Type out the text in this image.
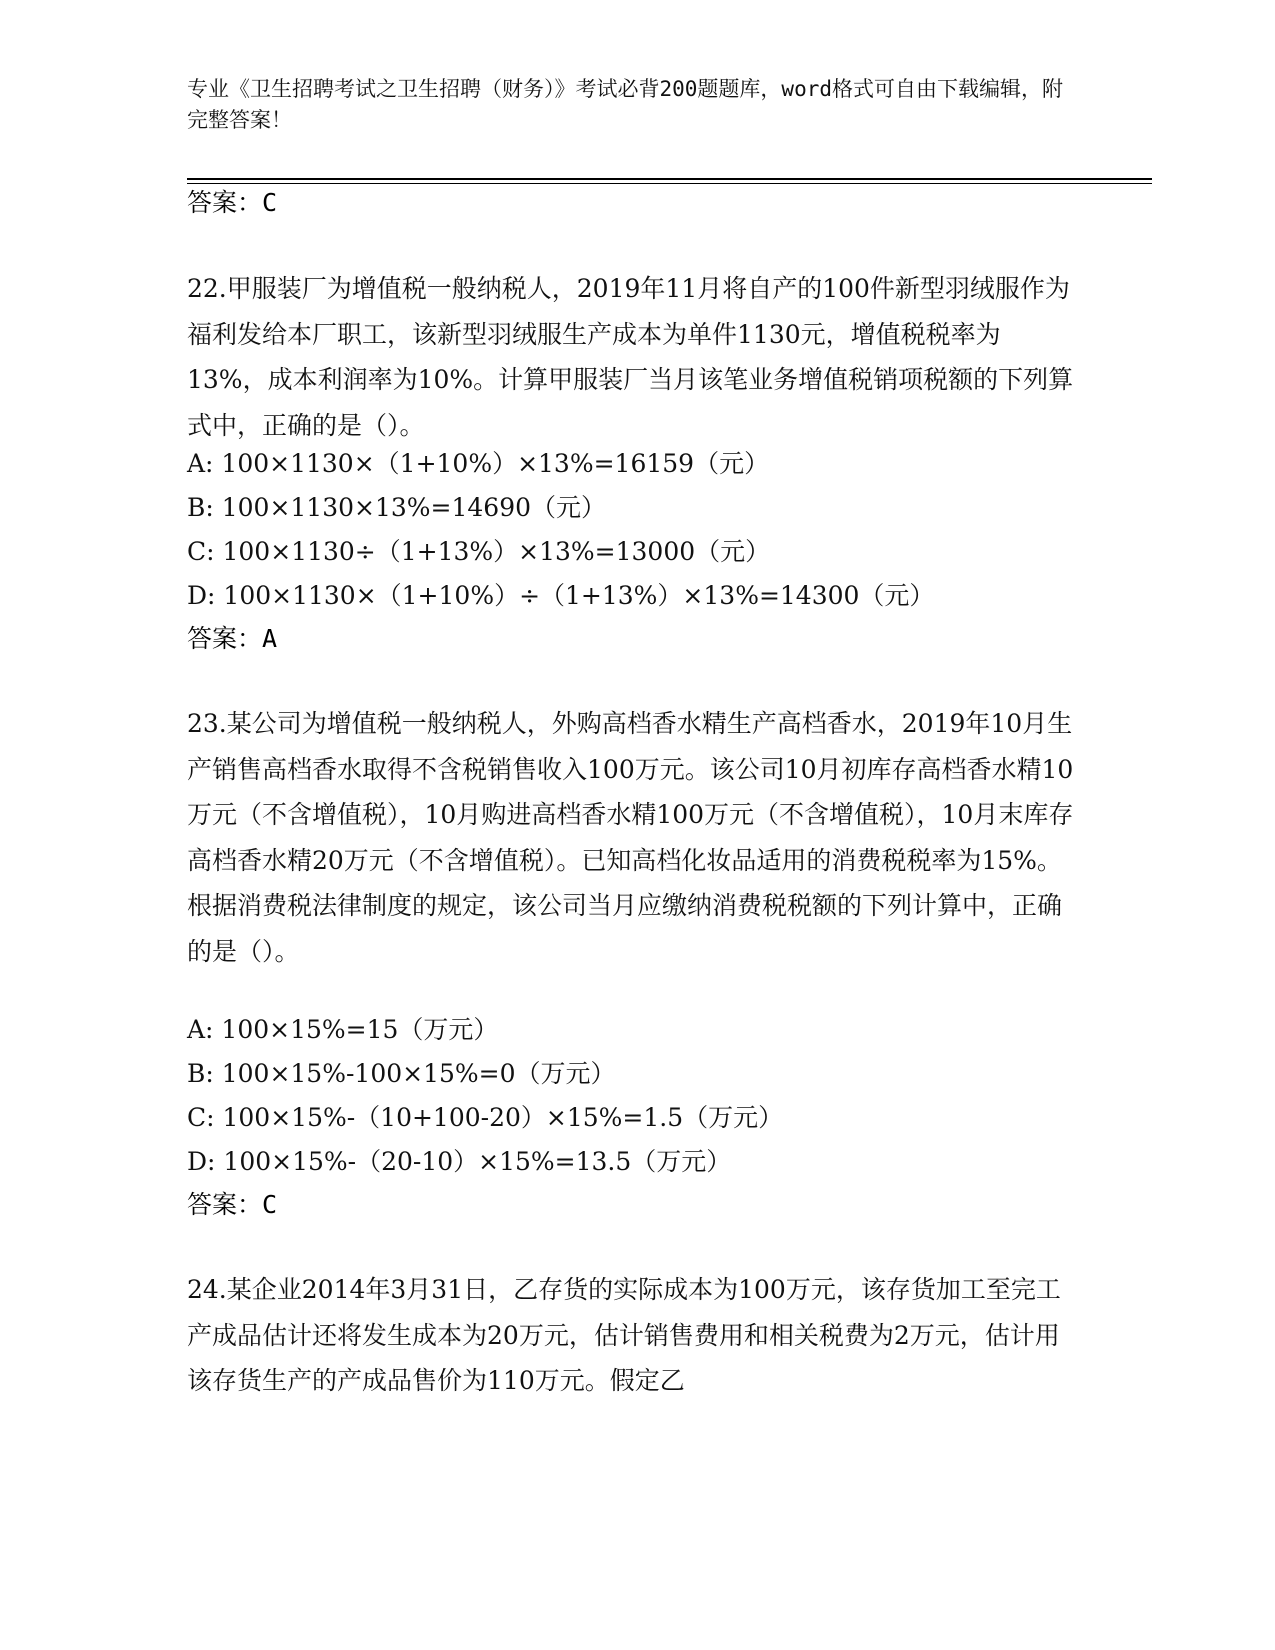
专业《卫生招聘考试之卫生招聘（财务）》考试必背200题题库，word格式可自由下载编辑，附完整答案！
答案：C
22.甲服装厂为增值税一般纳税人，2019年11月将自产的100件新型羽绒服作为福利发给本厂职工，该新型羽绒服生产成本为单件1130元，增值税税率为13%，成本利润率为10%。计算甲服装厂当月该笔业务增值税销项税额的下列算式中，正确的是（）。
A: 100×1130×（1+10%）×13%=16159（元）
B: 100×1130×13%=14690（元）
C: 100×1130÷（1+13%）×13%=13000（元）
D: 100×1130×（1+10%）÷（1+13%）×13%=14300（元）
答案：A
23.某公司为增值税一般纳税人，外购高档香水精生产高档香水，2019年10月生产销售高档香水取得不含税销售收入100万元。该公司10月初库存高档香水精10万元（不含增值税），10月购进高档香水精100万元（不含增值税），10月末库存高档香水精20万元（不含增值税）。已知高档化妆品适用的消费税税率为15%。根据消费税法律制度的规定，该公司当月应缴纳消费税税额的下列计算中，正确的是（）。
A: 100×15%=15（万元）
B: 100×15%-100×15%=0（万元）
C: 100×15%-（10+100-20）×15%=1.5（万元）
D: 100×15%-（20-10）×15%=13.5（万元）
答案：C
24.某企业2014年3月31日，乙存货的实际成本为100万元，该存货加工至完工产成品估计还将发生成本为20万元，估计销售费用和相关税费为2万元，估计用该存货生产的产成品售价为110万元。假定乙
